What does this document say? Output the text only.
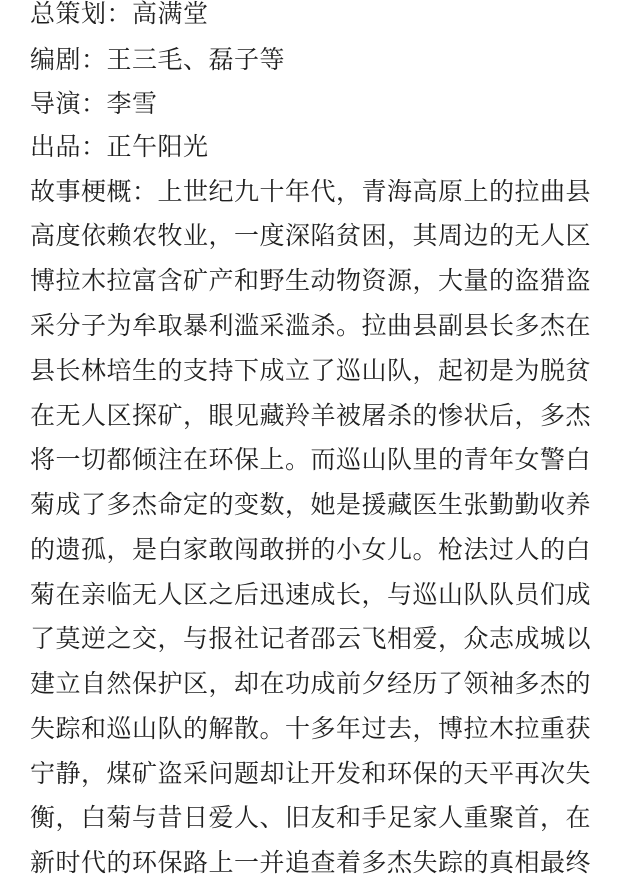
总策划：高满堂
编剧：王三毛、磊子等
导演：李雪
出品：正午阳光
故事梗概：上世纪九十年代，青海高原上的拉曲县
高度依赖农牧业，一度深陷贫困，其周边的无人区
博拉木拉富含矿产和野生动物资源，大量的盗猎盗
采分子为牟取暴利滥采滥杀。拉曲县副县长多杰在
县长林培生的支持下成立了巡山队，起初是为脱贫
在无人区探矿，眼见藏羚羊被屠杀的惨状后，多杰
将一切都倾注在环保上。而巡山队里的青年女警白
菊成了多杰命定的变数，她是援藏医生张勤勤收养
的遗孤，是白家敢闯敢拼的小女儿。枪法过人的白
菊在亲临无人区之后迅速成长，与巡山队队员们成
了莫逆之交，与报社记者邵云飞相爱，众志成城以
建立自然保护区，却在功成前夕经历了领袖多杰的
失踪和巡山队的解散。十多年过去，博拉木拉重获
宁静，煤矿盗采问题却让开发和环保的天平再次失
衡，白菊与昔日爱人、旧友和手足家人重聚首，在
新时代的环保路上一并追查着多杰失踪的真相最终
